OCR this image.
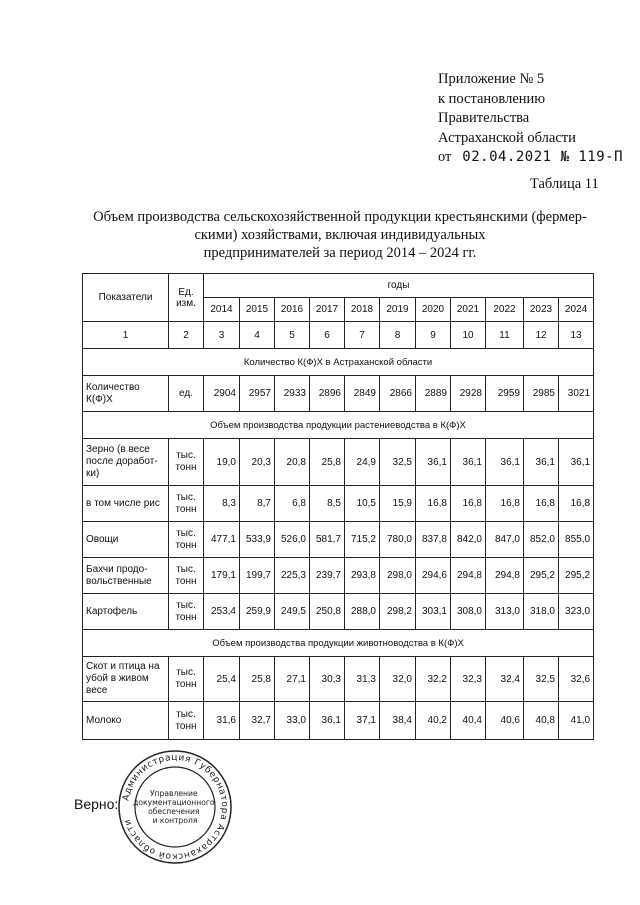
Приложение № 5
к постановлению
Правительства
Астраханской области
от 02.04.2021 № 119-П
Таблица 11
Объем производства сельскохозяйственной продукции крестьянскими (фермер-
скими) хозяйствами, включая индивидуальных
предпринимателей за период 2014 – 2024 гг.
Показатели	Ед. изм.	годы										
		2014	2015	2016	2017	2018	2019	2020	2021	2022	2023	2024
1	2	3	4	5	6	7	8	9	10	11	12	13
Количество К(Ф)Х в Астраханской области												
Количество К(Ф)Х	ед.	2904	2957	2933	2896	2849	2866	2889	2928	2959	2985	3021
Объем производства продукции растениеводства в К(Ф)Х												
Зерно (в весе после доработ-ки)	тыс. тонн	19,0	20,3	20,8	25,8	24,9	32,5	36,1	36,1	36,1	36,1	36,1
в том числе рис	тыс. тонн	8,3	8,7	6,8	8,5	10,5	15,9	16,8	16,8	16,8	16,8	16,8
Овощи	тыс. тонн	477,1	533,9	526,0	581,7	715,2	780,0	837,8	842,0	847,0	852,0	855,0
Бахчи продо-вольственные	тыс. тонн	179,1	199,7	225,3	239,7	293,8	298,0	294,6	294,8	294,8	295,2	295,2
Картофель	тыс. тонн	253,4	259,9	249,5	250,8	288,0	298,2	303,1	308,0	313,0	318,0	323,0
Объем производства продукции животноводства в К(Ф)Х												
Скот и птица на убой в живом весе	тыс. тонн	25,4	25,8	27,1	30,3	31,3	32,0	32,2	32,3	32,4	32,5	32,6
Молоко	тыс. тонн	31,6	32,7	33,0	36,1	37,1	38,4	40,2	40,4	40,6	40,8	41,0
Верно: Администрация Губернатора Астраханской области
Управление документационного обеспечения и контроля
